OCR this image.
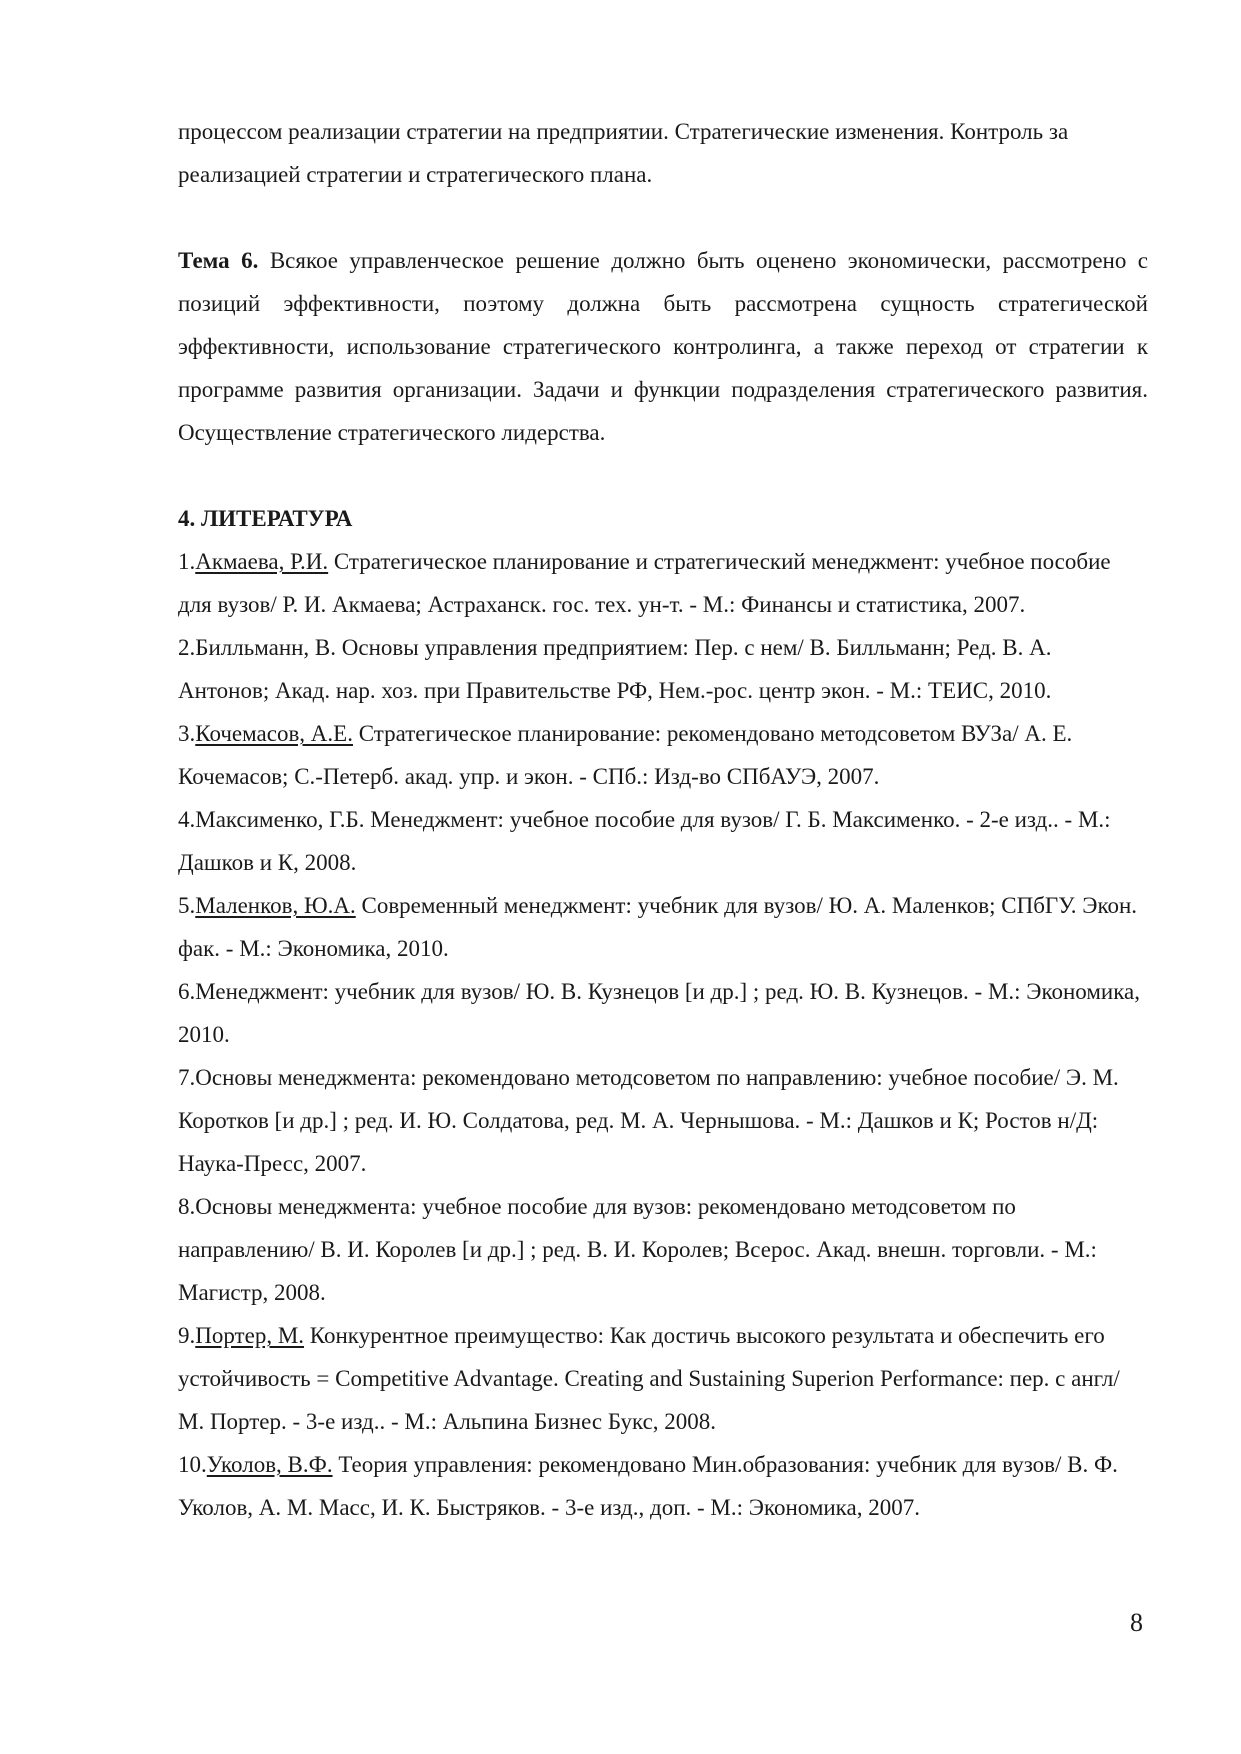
процессом реализации стратегии на предприятии. Стратегические изменения. Контроль за реализацией стратегии и стратегического плана.

Тема 6. Всякое управленческое решение должно быть оценено экономически, рассмотрено с позиций эффективности, поэтому должна быть рассмотрена сущность стратегической эффективности, использование стратегического контролинга, а также переход от стратегии к программе развития организации. Задачи и функции подразделения стратегического развития. Осуществление стратегического лидерства.

4. ЛИТЕРАТУРА

1.Акмаева, Р.И. Стратегическое планирование и стратегический менеджмент: учебное пособие для вузов/ Р. И. Акмаева; Астраханск. гос. тех. ун-т. - М.: Финансы и статистика, 2007.

2.Билльманн, В. Основы управления предприятием: Пер. с нем/ В. Билльманн; Ред. В. А. Антонов; Акад. нар. хоз. при Правительстве РФ, Нем.-рос. центр экон. - М.: ТЕИС, 2010.

3.Кочемасов, А.Е. Стратегическое планирование: рекомендовано методсоветом ВУЗа/ А. Е. Кочемасов; С.-Петерб. акад. упр. и экон. - СПб.: Изд-во СПбАУЭ, 2007.

4.Максименко, Г.Б. Менеджмент: учебное пособие для вузов/ Г. Б. Максименко. - 2-е изд.. - М.: Дашков и К, 2008.

5.Маленков, Ю.А. Современный менеджмент: учебник для вузов/ Ю. А. Маленков; СПбГУ. Экон. фак. - М.: Экономика, 2010.

6.Менеджмент: учебник для вузов/ Ю. В. Кузнецов [и др.] ; ред. Ю. В. Кузнецов. - М.: Экономика, 2010.

7.Основы менеджмента: рекомендовано методсоветом по направлению: учебное пособие/ Э. М. Коротков [и др.] ; ред. И. Ю. Солдатова, ред. М. А. Чернышова. - М.: Дашков и К; Ростов н/Д: Наука-Пресс, 2007.

8.Основы менеджмента: учебное пособие для вузов: рекомендовано методсоветом по направлению/ В. И. Королев [и др.] ; ред. В. И. Королев; Всерос. Акад. внешн. торговли. - М.: Магистр, 2008.

9.Портер, М. Конкурентное преимущество: Как достичь высокого результата и обеспечить его устойчивость = Competitive Advantage. Creating and Sustaining Superion Performance: пер. с англ/ М. Портер. - 3-е изд.. - М.: Альпина Бизнес Букс, 2008.

10.Уколов, В.Ф. Теория управления: рекомендовано Мин.образования: учебник для вузов/ В. Ф. Уколов, А. М. Масс, И. К. Быстряков. - 3-е изд., доп. - М.: Экономика, 2007.

8
